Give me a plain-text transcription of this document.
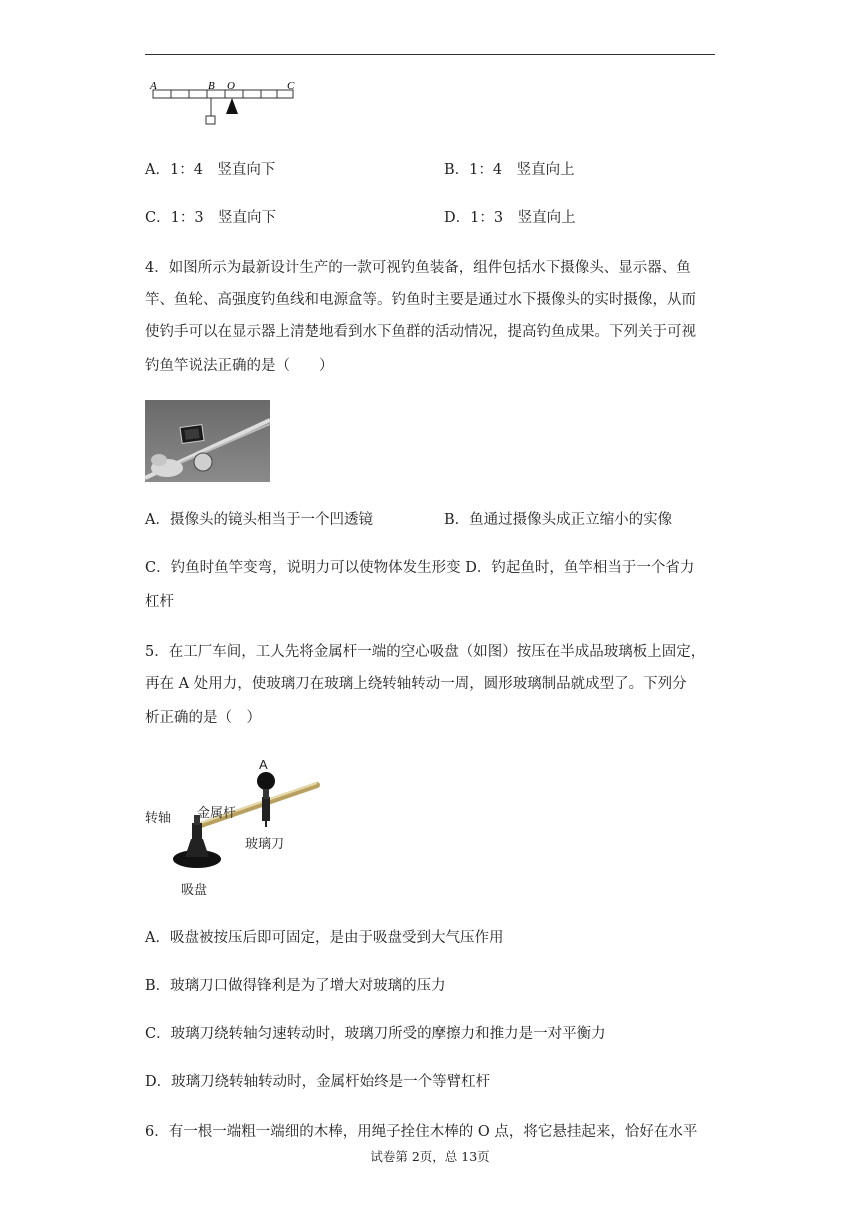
A	B O	C
A．1：4　竖直向下	B．1：4　竖直向上
C．1：3　竖直向下	D．1：3　竖直向上
4．如图所示为最新设计生产的一款可视钓鱼装备，组件包括水下摄像头、显示器、鱼
竿、鱼轮、高强度钓鱼线和电源盒等。钓鱼时主要是通过水下摄像头的实时摄像，从而
使钓手可以在显示器上清楚地看到水下鱼群的活动情况，提高钓鱼成果。下列关于可视
钓鱼竿说法正确的是（　　）
A．摄像头的镜头相当于一个凹透镜	B．鱼通过摄像头成正立缩小的实像
C．钓鱼时鱼竿变弯，说明力可以使物体发生形变 D．钓起鱼时，鱼竿相当于一个省力
杠杆
5．在工厂车间，工人先将金属杆一端的空心吸盘（如图）按压在半成品玻璃板上固定，
再在 A 处用力，使玻璃刀在玻璃上绕转轴转动一周，圆形玻璃制品就成型了。下列分
析正确的是（　）
A
转轴 金属杆
玻璃刀
吸盘
A．吸盘被按压后即可固定，是由于吸盘受到大气压作用
B．玻璃刀口做得锋利是为了增大对玻璃的压力
C．玻璃刀绕转轴匀速转动时，玻璃刀所受的摩擦力和推力是一对平衡力
D．玻璃刀绕转轴转动时，金属杆始终是一个等臂杠杆
6．有一根一端粗一端细的木棒，用绳子拴住木棒的 O 点，将它悬挂起来，恰好在水平
试卷第 2页，总 13页
